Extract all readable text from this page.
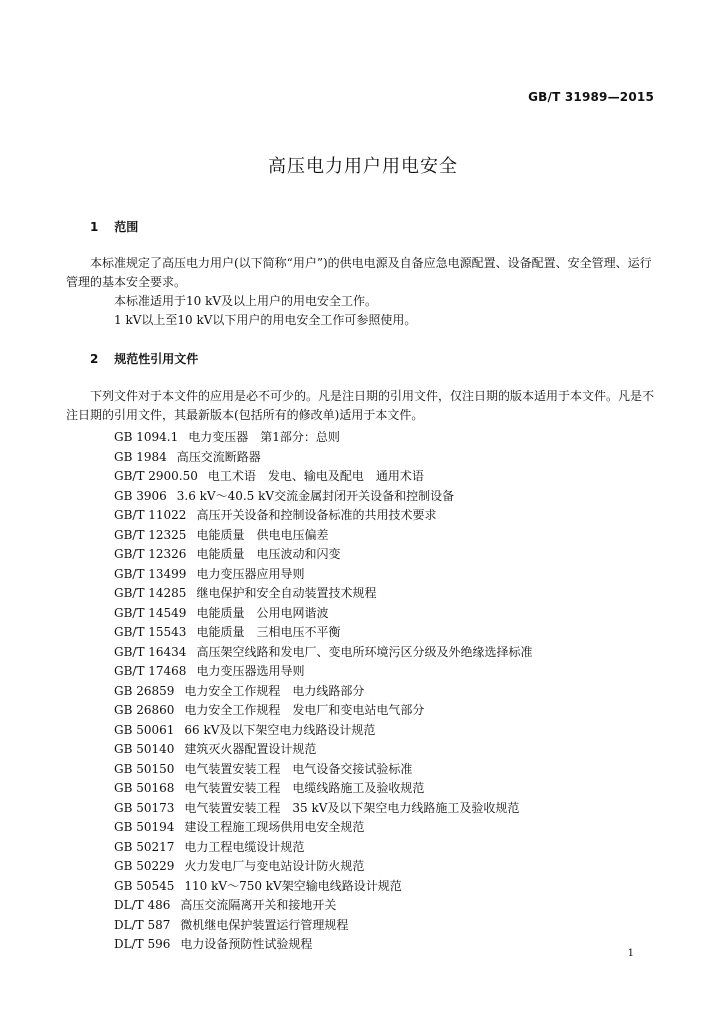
GB/T 31989—2015
高压电力用户用电安全
1 范围

本标准规定了高压电力用户(以下简称“用户”)的供电电源及自备应急电源配置、设备配置、安全管理、运行管理的基本安全要求。

本标准适用于10 kV及以上用户的用电安全工作。

1 kV以上至10 kV以下用户的用电安全工作可参照使用。

2 规范性引用文件

下列文件对于本文件的应用是必不可少的。凡是注日期的引用文件，仅注日期的版本适用于本文件。凡是不注日期的引用文件，其最新版本(包括所有的修改单)适用于本文件。

GB 1094.1 电力变压器　第1部分：总则
GB 1984 高压交流断路器
GB/T 2900.50 电工术语　发电、输电及配电　通用术语
GB 3906 3.6 kV～40.5 kV交流金属封闭开关设备和控制设备
GB/T 11022 高压开关设备和控制设备标准的共用技术要求
GB/T 12325 电能质量　供电电压偏差
GB/T 12326 电能质量　电压波动和闪变
GB/T 13499 电力变压器应用导则
GB/T 14285 继电保护和安全自动装置技术规程
GB/T 14549 电能质量　公用电网谐波
GB/T 15543 电能质量　三相电压不平衡
GB/T 16434 高压架空线路和发电厂、变电所环境污区分级及外绝缘选择标准
GB/T 17468 电力变压器选用导则
GB 26859 电力安全工作规程　电力线路部分
GB 26860 电力安全工作规程　发电厂和变电站电气部分
GB 50061 66 kV及以下架空电力线路设计规范
GB 50140 建筑灭火器配置设计规范
GB 50150 电气装置安装工程　电气设备交接试验标准
GB 50168 电气装置安装工程　电缆线路施工及验收规范
GB 50173 电气装置安装工程　35 kV及以下架空电力线路施工及验收规范
GB 50194 建设工程施工现场供用电安全规范
GB 50217 电力工程电缆设计规范
GB 50229 火力发电厂与变电站设计防火规范
GB 50545 110 kV～750 kV架空输电线路设计规范
DL/T 486 高压交流隔离开关和接地开关
DL/T 587 微机继电保护装置运行管理规程
DL/T 596 电力设备预防性试验规程
1
